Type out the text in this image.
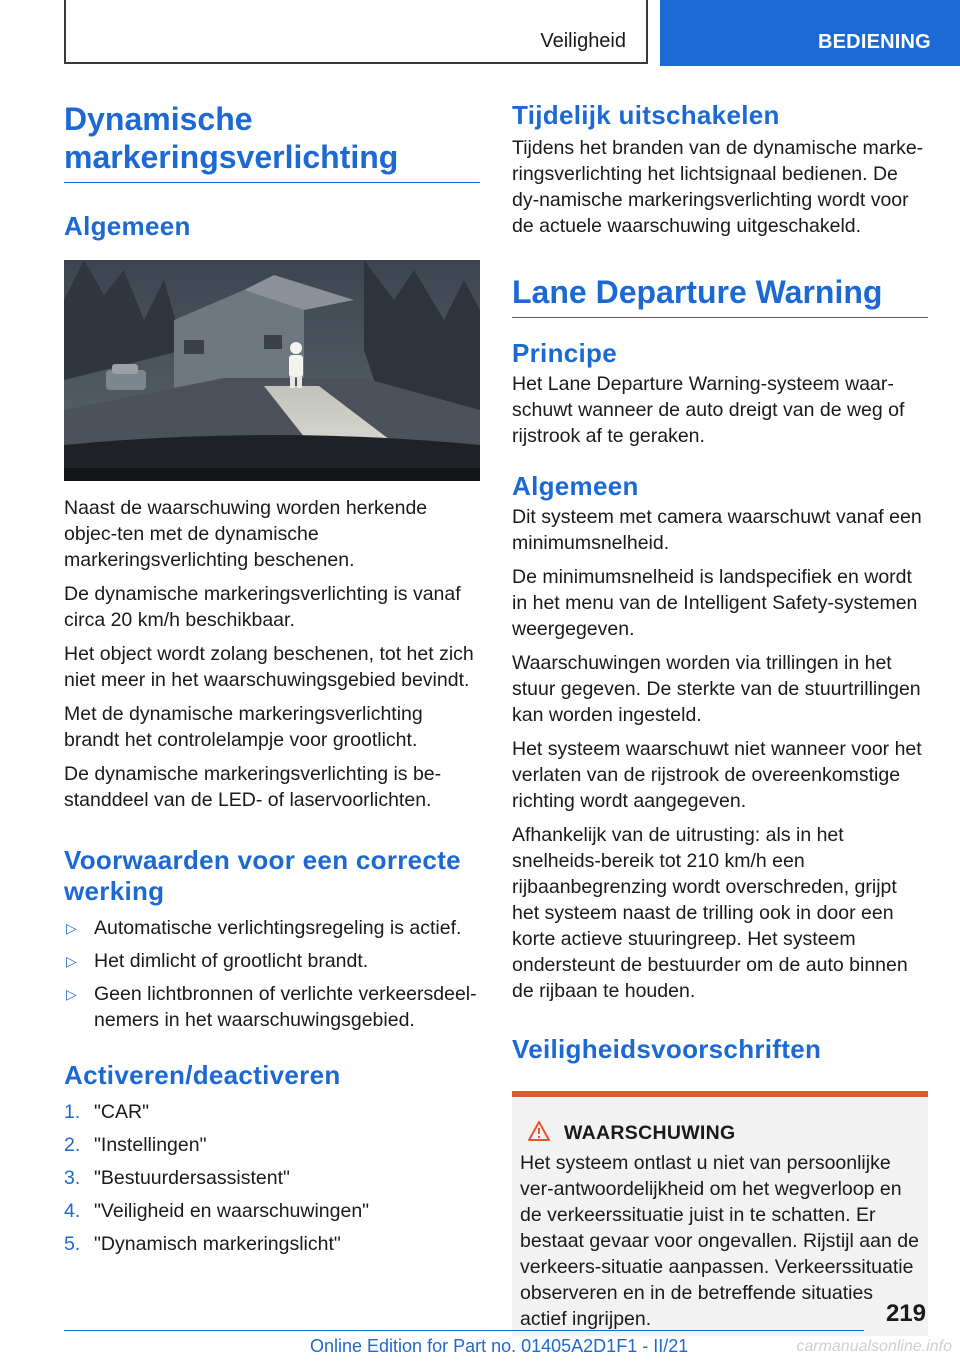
Veiligheid	BEDIENING
Dynamische markeringsverlichting
Algemeen

Naast de waarschuwing worden herkende objec-ten met de dynamische markeringsverlichting beschenen.

De dynamische markeringsverlichting is vanaf circa 20 km/h beschikbaar.

Het object wordt zolang beschenen, tot het zich niet meer in het waarschuwingsgebied bevindt.

Met de dynamische markeringsverlichting brandt het controlelampje voor grootlicht.

De dynamische markeringsverlichting is be-standdeel van de LED- of laservoorlichten.

Voorwaarden voor een correcte werking
▷ Automatische verlichtingsregeling is actief.
▷ Het dimlicht of grootlicht brandt.
▷ Geen lichtbronnen of verlichte verkeersdeel-nemers in het waarschuwingsgebied.
Activeren/deactiveren
1. "CAR"
2. "Instellingen"
3. "Bestuurdersassistent"
4. "Veiligheid en waarschuwingen"
5. "Dynamisch markeringslicht"
Tijdelijk uitschakelen

Tijdens het branden van de dynamische marke-ringsverlichting het lichtsignaal bedienen. De dy-namische markeringsverlichting wordt voor de actuele waarschuwing uitgeschakeld.

Lane Departure Warning
Principe

Het Lane Departure Warning-systeem waar-schuwt wanneer de auto dreigt van de weg of rijstrook af te geraken.

Algemeen

Dit systeem met camera waarschuwt vanaf een minimumsnelheid.

De minimumsnelheid is landspecifiek en wordt in het menu van de Intelligent Safety-systemen weergegeven.

Waarschuwingen worden via trillingen in het stuur gegeven. De sterkte van de stuurtrillingen kan worden ingesteld.

Het systeem waarschuwt niet wanneer voor het verlaten van de rijstrook de overeenkomstige richting wordt aangegeven.

Afhankelijk van de uitrusting: als in het snelheids-bereik tot 210 km/h een rijbaanbegrenzing wordt overschreden, grijpt het systeem naast de trilling ook in door een korte actieve stuuringreep. Het systeem ondersteunt de bestuurder om de auto binnen de rijbaan te houden.

Veiligheidsvoorschriften
WAARSCHUWING

Het systeem ontlast u niet van persoonlijke ver-antwoordelijkheid om het wegverloop en de verkeerssituatie juist in te schatten. Er bestaat gevaar voor ongevallen. Rijstijl aan de verkeers-situatie aanpassen. Verkeerssituatie observeren en in de betreffende situaties actief ingrijpen.	219
Online Edition for Part no. 01405A2D1F1 - II/21	carmanualsonline.info
